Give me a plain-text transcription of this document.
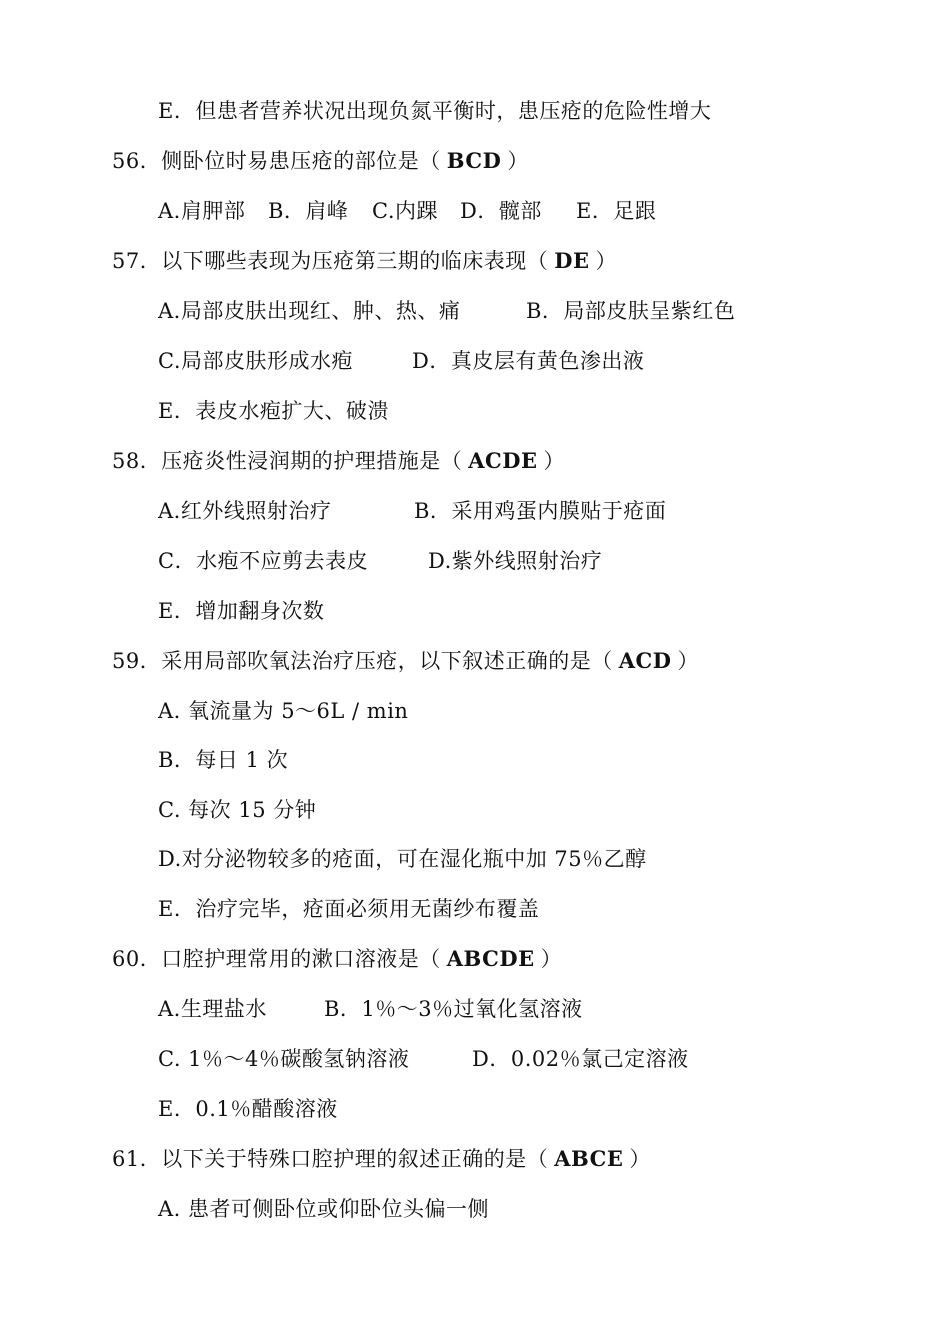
E．但患者营养状况出现负氮平衡时，患压疮的危险性增大
56．侧卧位时易患压疮的部位是（ BCD ）
A.肩胛部 B．肩峰 C.内踝 D．髋部 E．足跟
57．以下哪些表现为压疮第三期的临床表现（ DE ）
A.局部皮肤出现红、肿、热、痛	B．局部皮肤呈紫红色
C.局部皮肤形成水疱	D．真皮层有黄色渗出液
E．表皮水疱扩大、破溃
58．压疮炎性浸润期的护理措施是（ ACDE ）
A.红外线照射治疗	B．采用鸡蛋内膜贴于疮面
C．水疱不应剪去表皮	D.紫外线照射治疗
E．增加翻身次数
59．采用局部吹氧法治疗压疮，以下叙述正确的是（ ACD ）
A. 氧流量为 5～6L / min
B．每日 1 次
C. 每次 15 分钟
D.对分泌物较多的疮面，可在湿化瓶中加 75％乙醇
E．治疗完毕，疮面必须用无菌纱布覆盖
60．口腔护理常用的漱口溶液是（ ABCDE ）
A.生理盐水	B．1％～3％过氧化氢溶液
C. 1％～4％碳酸氢钠溶液	D．0.02％氯己定溶液
E．0.1％醋酸溶液
61．以下关于特殊口腔护理的叙述正确的是（ ABCE ）
A. 患者可侧卧位或仰卧位头偏一侧
